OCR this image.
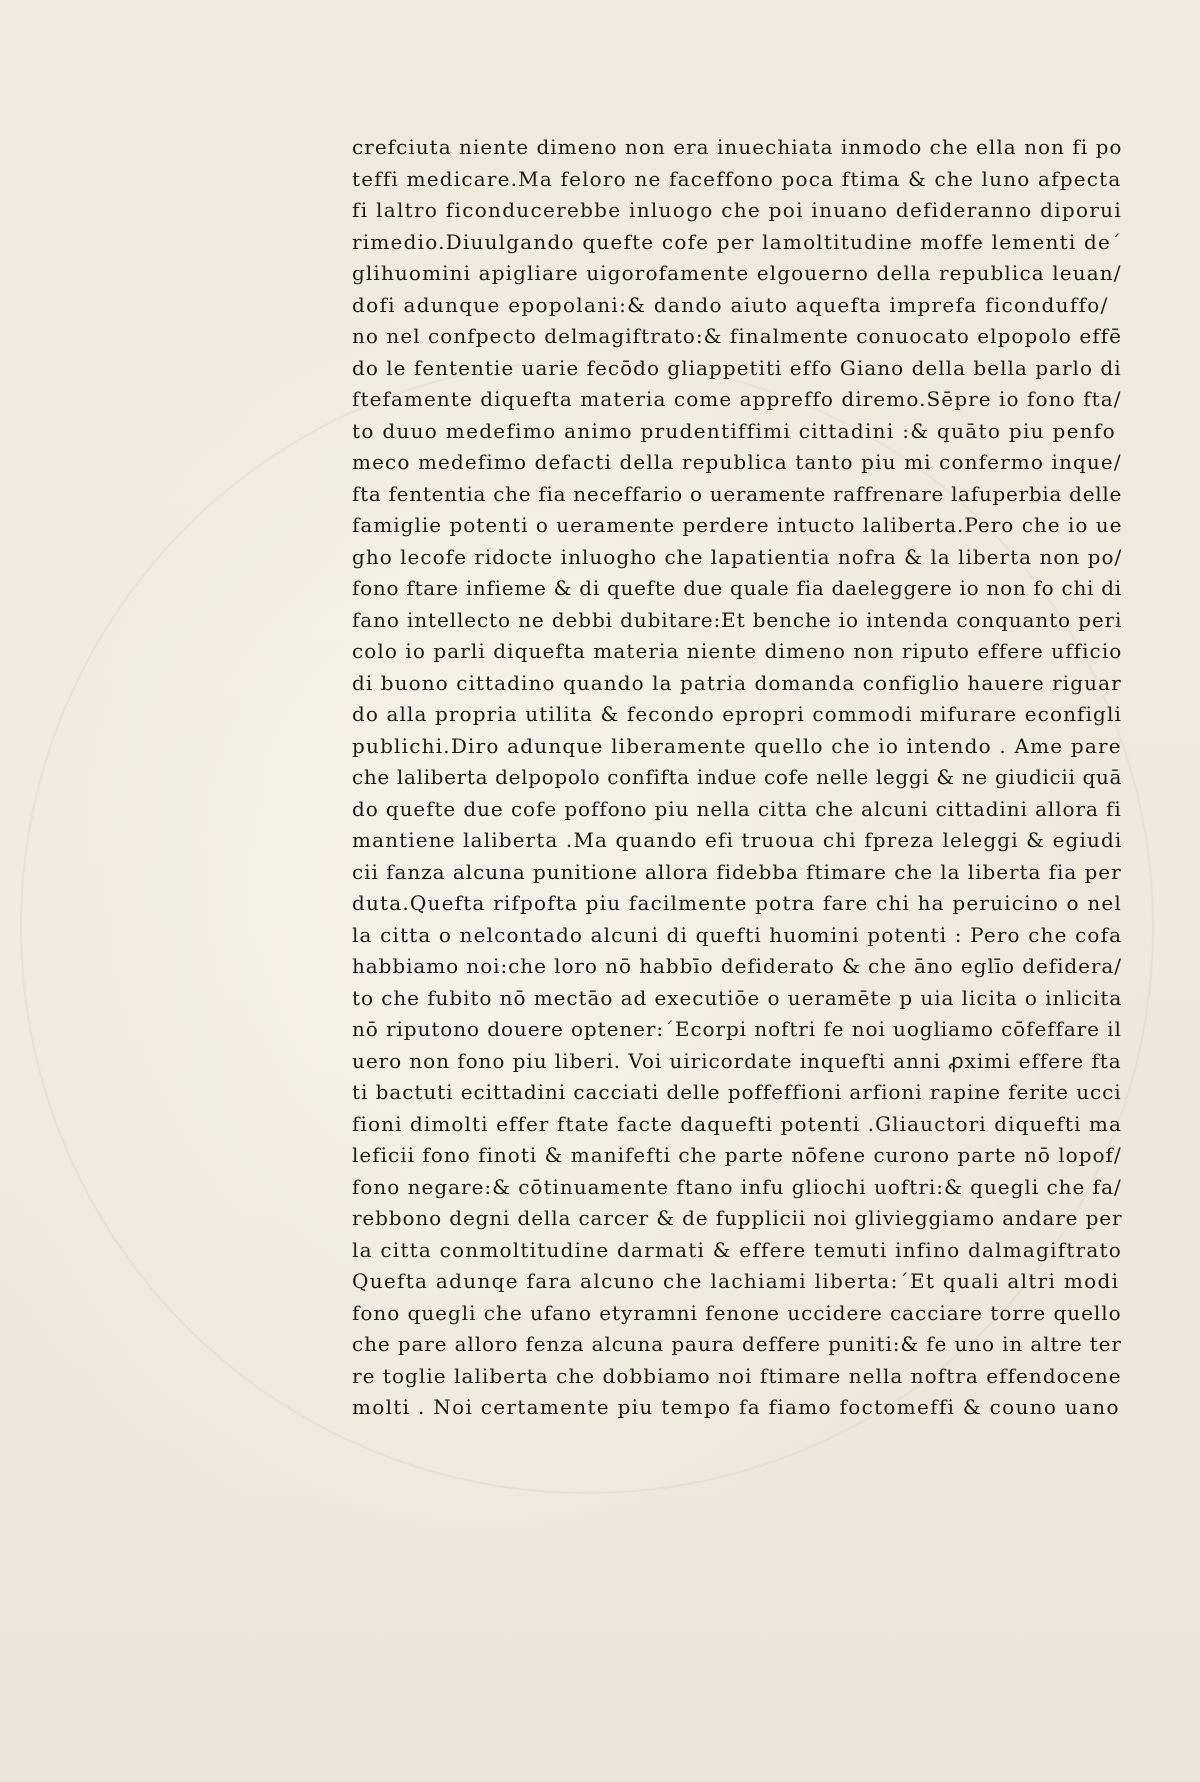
crefciuta niente dimeno non era inuechiata inmodo che ella non fi po
teffi medicare.Ma feloro ne faceffono poca ftima & che luno afpecta
fi laltro ficonducerebbe inluogo che poi inuano defideranno diporui
rimedio.Diuulgando quefte cofe per lamoltitudine moffe lementi de´
glihuomini apigliare uigorofamente elgouerno della republica leuan/
dofi adunque epopolani:& dando aiuto aquefta imprefa ficonduffo/
no nel confpecto delmagiftrato:& finalmente conuocato elpopolo effē
do le fententie uarie fecōdo gliappetiti effo Giano della bella parlo di
ftefamente diquefta materia come appreffo diremo.Sēpre io fono fta/
to duuo medefimo animo prudentiffimi cittadini :& quāto piu penfo
meco medefimo defacti della republica tanto piu mi confermo inque/
fta fententia che fia neceffario o ueramente raffrenare lafuperbia delle
famiglie potenti o ueramente perdere intucto laliberta.Pero che io ue
gho lecofe ridocte inluogho che lapatientia nofra & la liberta non po/
fono ftare infieme & di quefte due quale fia daeleggere io non fo chi di
fano intellecto ne debbi dubitare:Et benche io intenda conquanto peri
colo io parli diquefta materia niente dimeno non riputo effere ufficio
di buono cittadino quando la patria domanda configlio hauere riguar
do alla propria utilita & fecondo epropri commodi mifurare econfigli
publichi.Diro adunque liberamente quello che io intendo . Ame pare
che laliberta delpopolo confifta indue cofe nelle leggi & ne giudicii quā
do quefte due cofe poffono piu nella citta che alcuni cittadini allora fi
mantiene laliberta .Ma quando efi truoua chi fpreza leleggi & egiudi
cii fanza alcuna punitione allora fidebba ftimare che la liberta fia per
duta.Quefta rifpofta piu facilmente potra fare chi ha peruicino o nel
la citta o nelcontado alcuni di quefti huomini potenti : Pero che cofa
habbiamo noi:che loro nō habbīo defiderato & che āno eglīo defidera/
to che fubito nō mectāo ad executiōe o ueramēte p uia licita o inlicita
nō riputono douere optener:´Ecorpi noftri fe noi uogliamo cōfeffare il
uero non fono piu liberi. Voi uiricordate inquefti anni ꝓximi effere fta
ti bactuti ecittadini cacciati delle poffeffioni arfioni rapine ferite ucci
fioni dimolti effer ftate facte daquefti potenti .Gliauctori diquefti ma
leficii fono finoti & manifefti che parte nōfene curono parte nō lopof/
fono negare:& cōtinuamente ftano infu gliochi uoftri:& quegli che fa/
rebbono degni della carcer & de fupplicii noi glivieggiamo andare per
la citta conmoltitudine darmati & effere temuti infino dalmagiftrato
Quefta adunqe fara alcuno che lachiami liberta:´Et quali altri modi
fono quegli che ufano etyramni fenone uccidere cacciare torre quello
che pare alloro fenza alcuna paura deffere puniti:& fe uno in altre ter
re toglie laliberta che dobbiamo noi ftimare nella noftra effendocene
molti . Noi certamente piu tempo fa fiamo foctomeffi & couno uano
